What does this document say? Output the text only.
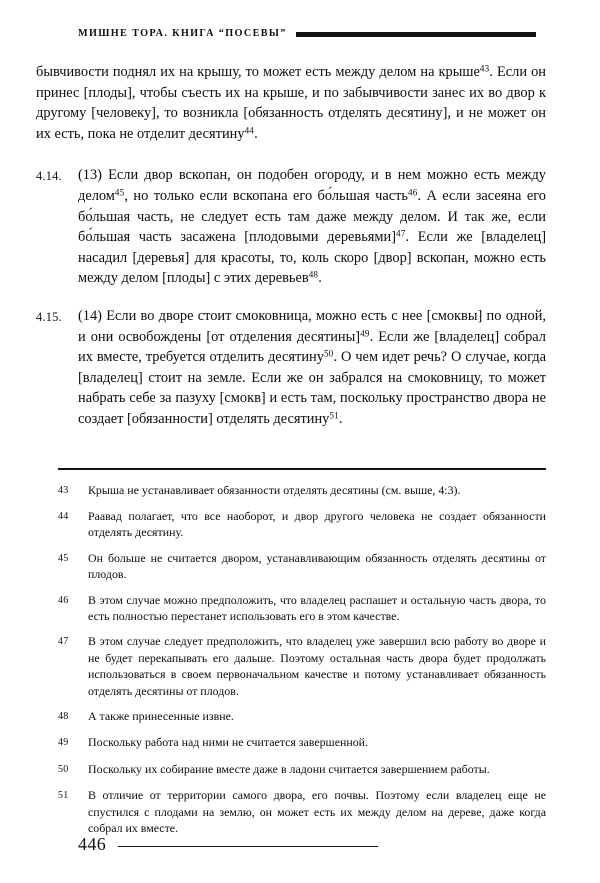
МИШНЕ ТОРА. КНИГА “ПОСЕВЫ”
бывчивости поднял их на крышу, то может есть между делом на крыше$^{43}$. Если он принес [плоды], чтобы съесть их на крыше, и по забывчивости занес их во двор к другому [человеку], то возникла [обязанность отделять десятину], и не может он их есть, пока не отделит десятину$^{44}$.
4.14.	(13) Если двор вскопан, он подобен огороду, и в нем можно есть между делом$^{45}$, но только если вскопана его бо́льшая часть$^{46}$. А если засеяна его бо́льшая часть, не следует есть там даже между делом. И так же, если бо́льшая часть засажена [плодовыми деревьями]$^{47}$. Если же [владелец] насадил [деревья] для красоты, то, коль скоро [двор] вскопан, можно есть между делом [плоды] с этих деревьев$^{48}$.
4.15.	(14) Если во дворе стоит смоковница, можно есть с нее [смоквы] по одной, и они освобождены [от отделения десятины]$^{49}$. Если же [владелец] собрал их вместе, требуется отделить десятину$^{50}$. О чем идет речь? О случае, когда [владелец] стоит на земле. Если же он забрался на смоковницу, то может набрать себе за пазуху [смокв] и есть там, поскольку пространство двора не создает [обязанности] отделять десятину$^{51}$.
43	Крыша не устанавливает обязанности отделять десятины (см. выше, 4:3).
44	Раавад полагает, что все наоборот, и двор другого человека не создает обязанности отделять десятину.
45	Он больше не считается двором, устанавливающим обязанность отделять десятины от плодов.
46	В этом случае можно предположить, что владелец распашет и остальную часть двора, то есть полностью перестанет использовать его в этом качестве.
47	В этом случае следует предположить, что владелец уже завершил всю работу во дворе и не будет перекапывать его дальше. Поэтому остальная часть двора будет продолжать использоваться в своем первоначальном качестве и потому устанавливает обязанность отделять десятины от плодов.
48	А также принесенные извне.
49	Поскольку работа над ними не считается завершенной.
50	Поскольку их собирание вместе даже в ладони считается завершением работы.
51	В отличие от территории самого двора, его почвы. Поэтому если владелец еще не спустился с плодами на землю, он может есть их между делом на дереве, даже когда собрал их вместе.
446
